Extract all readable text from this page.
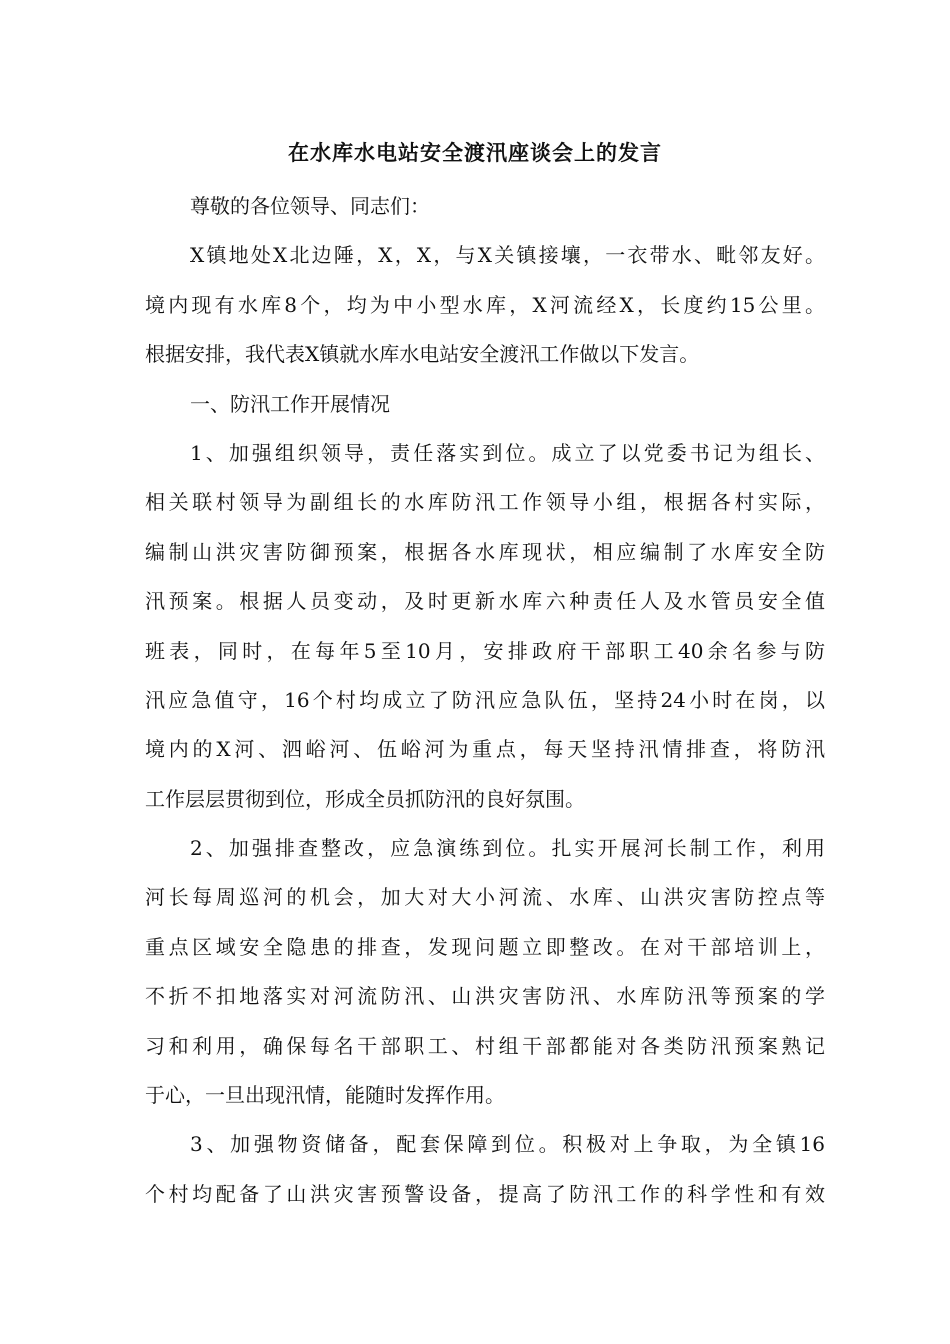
在水库水电站安全渡汛座谈会上的发言
尊敬的各位领导、同志们：
X镇地处X北边陲，X，X，与X关镇接壤，一衣带水、毗邻友好。
境内现有水库8个，均为中小型水库，X河流经X，长度约15公里。
根据安排，我代表X镇就水库水电站安全渡汛工作做以下发言。
一、防汛工作开展情况
1、加强组织领导，责任落实到位。成立了以党委书记为组长、
相关联村领导为副组长的水库防汛工作领导小组，根据各村实际，
编制山洪灾害防御预案，根据各水库现状，相应编制了水库安全防
汛预案。根据人员变动，及时更新水库六种责任人及水管员安全值
班表，同时，在每年5至10月，安排政府干部职工40余名参与防
汛应急值守，16个村均成立了防汛应急队伍，坚持24小时在岗，以
境内的X河、泗峪河、伍峪河为重点，每天坚持汛情排查，将防汛
工作层层贯彻到位，形成全员抓防汛的良好氛围。
2、加强排查整改，应急演练到位。扎实开展河长制工作，利用
河长每周巡河的机会，加大对大小河流、水库、山洪灾害防控点等
重点区域安全隐患的排查，发现问题立即整改。在对干部培训上，
不折不扣地落实对河流防汛、山洪灾害防汛、水库防汛等预案的学
习和利用，确保每名干部职工、村组干部都能对各类防汛预案熟记
于心，一旦出现汛情，能随时发挥作用。
3、加强物资储备，配套保障到位。积极对上争取，为全镇16
个村均配备了山洪灾害预警设备，提高了防汛工作的科学性和有效
